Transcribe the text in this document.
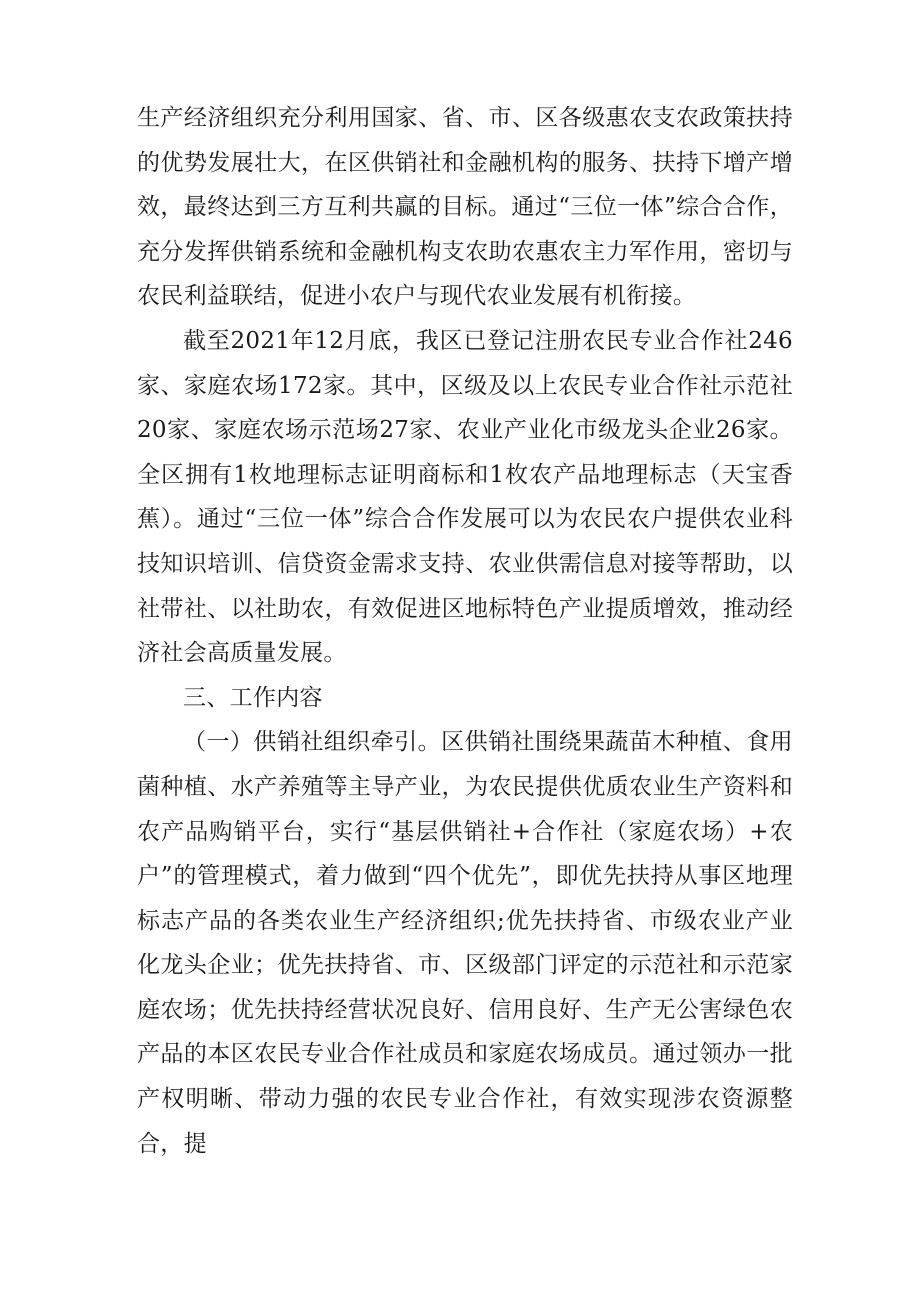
生产经济组织充分利用国家、省、市、区各级惠农支农政策扶持的优势发展壮大，在区供销社和金融机构的服务、扶持下增产增效，最终达到三方互利共赢的目标。通过“三位一体”综合合作，充分发挥供销系统和金融机构支农助农惠农主力军作用，密切与农民利益联结，促进小农户与现代农业发展有机衔接。

截至2021年12月底，我区已登记注册农民专业合作社246家、家庭农场172家。其中，区级及以上农民专业合作社示范社20家、家庭农场示范场27家、农业产业化市级龙头企业26家。全区拥有1枚地理标志证明商标和1枚农产品地理标志（天宝香蕉）。通过“三位一体”综合合作发展可以为农民农户提供农业科技知识培训、信贷资金需求支持、农业供需信息对接等帮助，以社带社、以社助农，有效促进区地标特色产业提质增效，推动经济社会高质量发展。

三、工作内容

（一）供销社组织牵引。区供销社围绕果蔬苗木种植、食用菌种植、水产养殖等主导产业，为农民提供优质农业生产资料和农产品购销平台，实行“基层供销社+合作社（家庭农场）+农户”的管理模式，着力做到“四个优先”，即优先扶持从事区地理标志产品的各类农业生产经济组织;优先扶持省、市级农业产业化龙头企业；优先扶持省、市、区级部门评定的示范社和示范家庭农场；优先扶持经营状况良好、信用良好、生产无公害绿色农产品的本区农民专业合作社成员和家庭农场成员。通过领办一批产权明晰、带动力强的农民专业合作社，有效实现涉农资源整合，提
